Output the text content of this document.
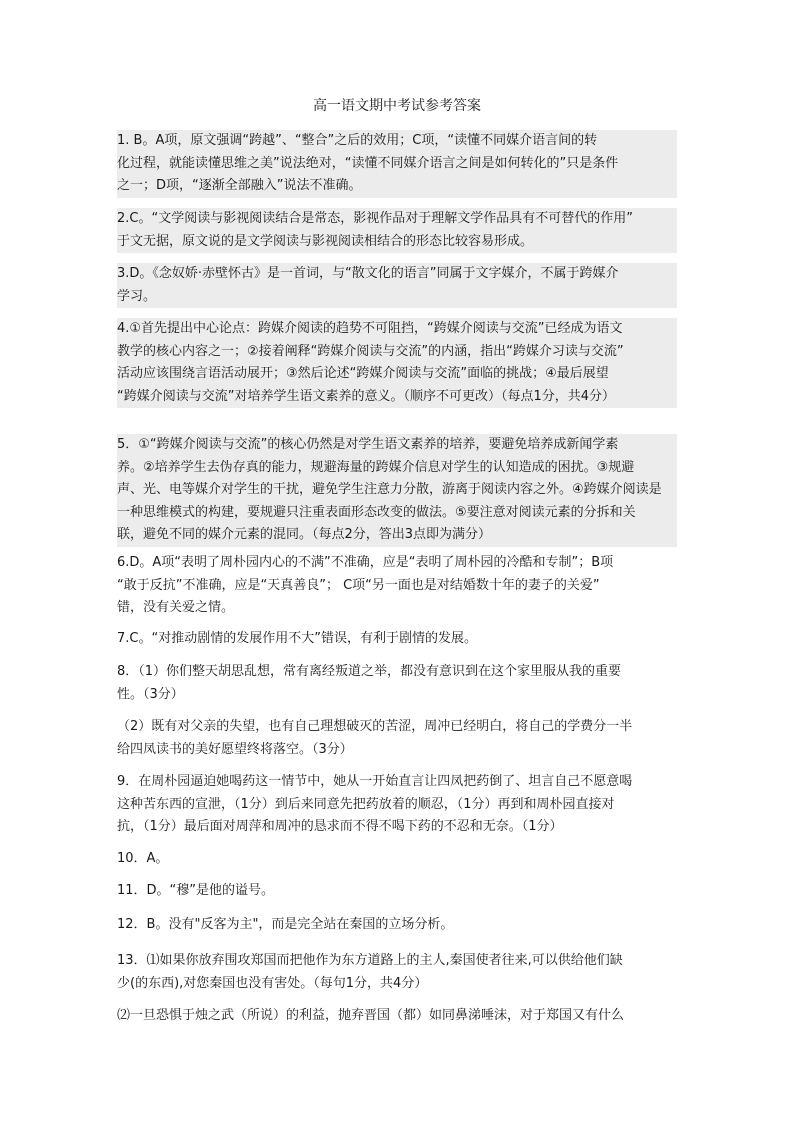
高一语文期中考试参考答案
1. B。A项，原文强调“跨越”、“整合”之后的效用；C项，“读懂不同媒介语言间的转
化过程，就能读懂思维之美”说法绝对，“读懂不同媒介语言之间是如何转化的”只是条件
之一；D项，“逐渐全部融入”说法不准确。
2.C。“文学阅读与影视阅读结合是常态，影视作品对于理解文学作品具有不可替代的作用”
于文无据，原文说的是文学阅读与影视阅读相结合的形态比较容易形成。
3.D。《念奴娇·赤壁怀古》是一首词，与“散文化的语言”同属于文字媒介，不属于跨媒介
学习。
4.①首先提出中心论点：跨媒介阅读的趋势不可阻挡，“跨媒介阅读与交流”已经成为语文
教学的核心内容之一；②接着阐释“跨媒介阅读与交流”的内涵，指出“跨媒介习读与交流”
活动应该围绕言语活动展开；③然后论述“跨媒介阅读与交流”面临的挑战；④最后展望
“跨媒介阅读与交流”对培养学生语文素养的意义。（顺序不可更改）（每点1分，共4分）
5．①“跨媒介阅读与交流”的核心仍然是对学生语文素养的培养，要避免培养成新闻学素
养。②培养学生去伪存真的能力，规避海量的跨媒介信息对学生的认知造成的困扰。③规避
声、光、电等媒介对学生的干扰，避免学生注意力分散，游离于阅读内容之外。④跨媒介阅读是
一种思维模式的构建，要规避只注重表面形态改变的做法。⑤要注意对阅读元素的分拆和关
联，避免不同的媒介元素的混同。（每点2分，答出3点即为满分）
6.D。A项“表明了周朴园内心的不满”不准确，应是“表明了周朴园的冷酷和专制”；B项
“敢于反抗”不准确，应是“天真善良”； C项“另一面也是对结婚数十年的妻子的关爱”
错，没有关爱之情。
7.C。“对推动剧情的发展作用不大”错误，有利于剧情的发展。
8．（1）你们整天胡思乱想，常有离经叛道之举，都没有意识到在这个家里服从我的重要
性。（3分）
（2）既有对父亲的失望，也有自己理想破灭的苦涩，周冲已经明白，将自己的学费分一半
给四凤读书的美好愿望终将落空。（3分）
9．在周朴园逼迫她喝药这一情节中，她从一开始直言让四凤把药倒了、坦言自己不愿意喝
这种苦东西的宣泄，（1分）到后来同意先把药放着的顺忍，（1分）再到和周朴园直接对
抗，（1分）最后面对周萍和周冲的恳求而不得不喝下药的不忍和无奈。（1分）
10．A。
11．D。“穆”是他的谥号。
12．B。没有"反客为主"，而是完全站在秦国的立场分析。
13．⑴如果你放弃围攻郑国而把他作为东方道路上的主人,秦国使者往来,可以供给他们缺
少(的东西),对您秦国也没有害处。（每句1分，共4分）
⑵一旦恐惧于烛之武（所说）的利益，抛弃晋国（都）如同鼻涕唾沫，对于郑国又有什么
